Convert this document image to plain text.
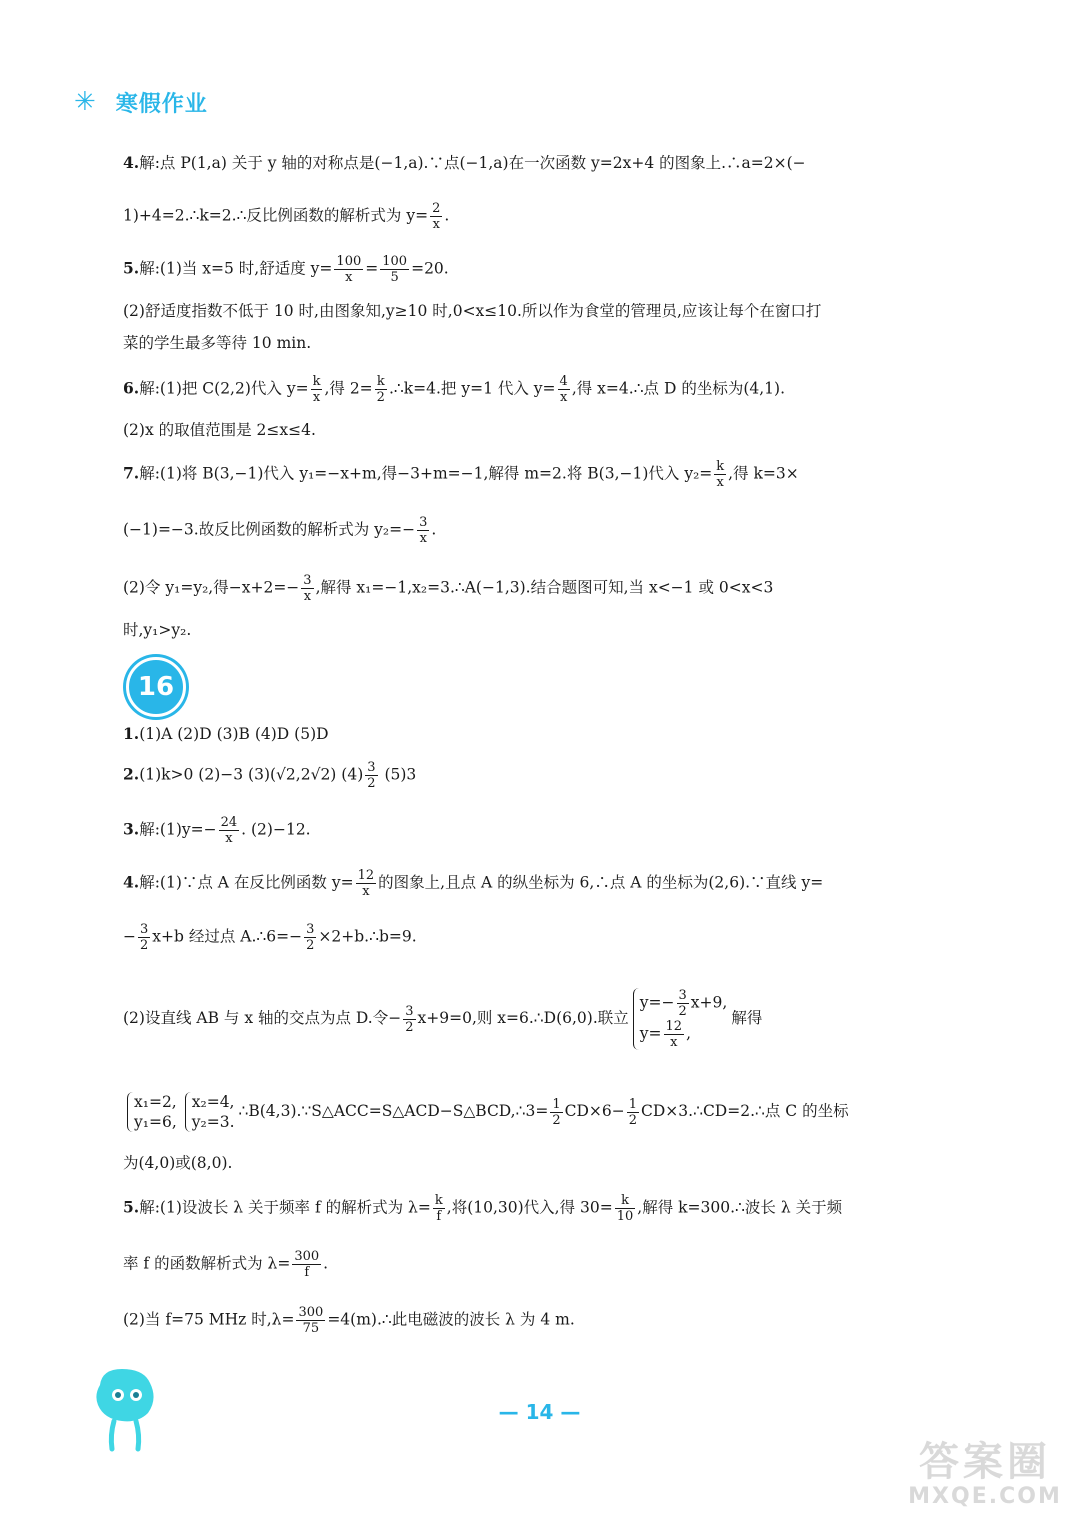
✳ 寒假作业
4.解:点 P(1,a) 关于 y 轴的对称点是(−1,a).∵点(−1,a)在一次函数 y=2x+4 的图象上.∴a=2×(−
1)+4=2.∴k=2.∴反比例函数的解析式为 $y= \frac{2}{x}$ .
5.解:(1)当 x=5 时,舒适度 $y= \frac{100}{x} = \frac{100}{5} =20$.
(2)舒适度指数不低于 10 时,由图象知,y≥10 时,0<x≤10.所以作为食堂的管理员,应该让每个在窗口打
菜的学生最多等待 10 min.
6.解:(1)把 C(2,2)代入 $y= \frac{k}{x}$ ,得 $2= \frac{k}{2}$ .∴k=4.把 y=1 代入 $y= \frac{4}{x}$ ,得 x=4.∴点 D 的坐标为(4,1).
(2)x 的取值范围是 2≤x≤4.
7.解:(1)将 B(3,−1)代入 y₁=−x+m,得−3+m=−1,解得 m=2.将 B(3,−1)代入 $y_2= \frac{k}{x}$ ,得 k=3×
(−1)=−3.故反比例函数的解析式为 $y_2=- \frac{3}{x}$ .
(2)令 y₁=y₂,得$-x+2=- \frac{3}{x}$ ,解得 x₁=−1,x₂=3.∴A(−1,3).结合题图可知,当 x<−1 或 0<x<3
时,y₁>y₂.
16
1.(1)A (2)D (3)B (4)D (5)D
2.(1)k>0 (2)−3 (3)(√2,2√2) $(4) \frac{3}{2} (5)3$
3.解:(1)y=− $\frac{24}{x}$ . (2)−12.
4.解:(1)∵点 A 在反比例函数 $y= \frac{12}{x}$ 的图象上,且点 A 的纵坐标为 6,∴点 A 的坐标为(2,6).∵直线 y=
− $\frac{3}{2} x+b$ 经过点 A.∴6=− $\frac{3}{2}$ ×2+b.∴b=9.
(2)设直线 AB 与 x 轴的交点为点 D.令− $\frac{3}{2} x+9=0$,则 x=6.∴D(6,0).联立
$y=- \frac{3}{2} x+9$,
$y= \frac{12}{x}$ ,
解得
x₁=2,
y₁=6,
x₂=4,
y₂=3.
∴B(4,3).∵S△ACC=S△ACD−S△BCD,∴3= $\frac{1}{2} CD\times 6- \frac{1}{2}$ CD×3.∴CD=2.∴点 C 的坐标
为(4,0)或(8,0).
5.解:(1)设波长 λ 关于频率 f 的解析式为 $\lambda= \frac{k}{f}$ ,将(10,30)代入,得 $30= \frac{k}{10}$ ,解得 k=300.∴波长 λ 关于频
率 f 的函数解析式为 $\lambda= \frac{300}{f}$ .
(2)当 f=75 MHz 时$,\lambda= \frac{300}{75}$ =4(m).∴此电磁波的波长 λ 为 4 m.
— 14 —
答案圈
MXQE.COM
